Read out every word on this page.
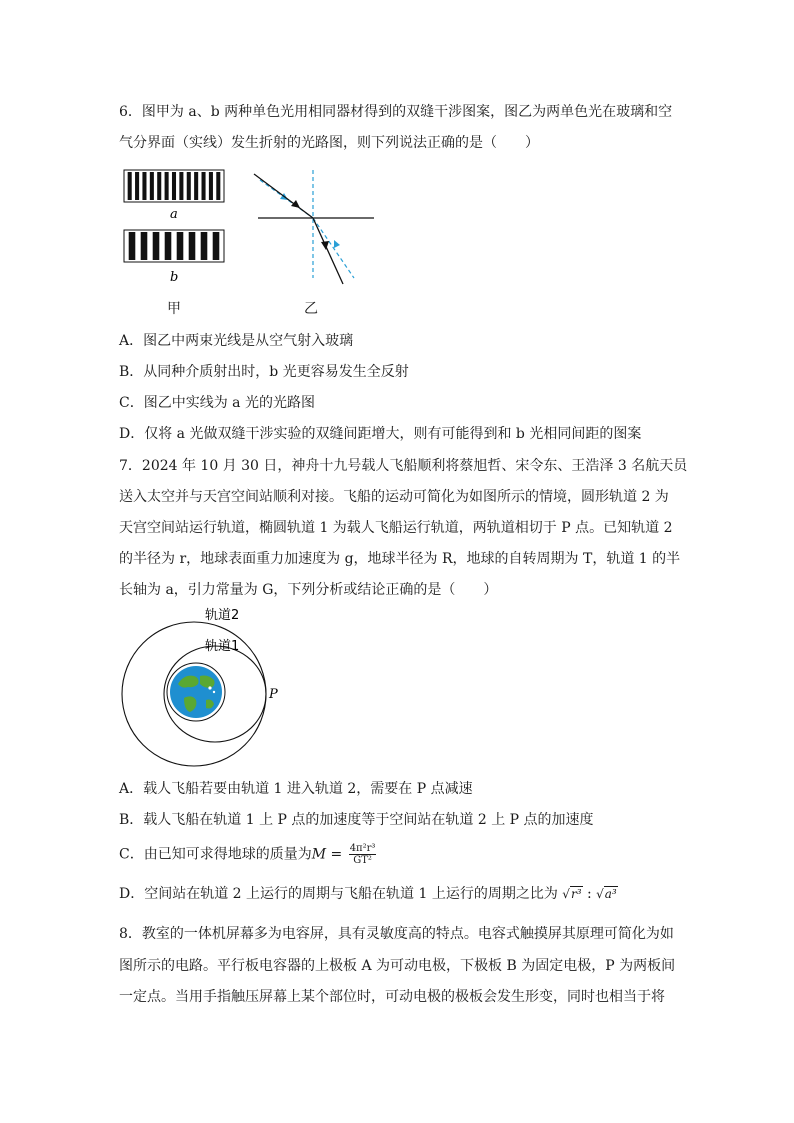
6．图甲为 a、b 两种单色光用相同器材得到的双缝干涉图案，图乙为两单色光在玻璃和空
气分界面（实线）发生折射的光路图，则下列说法正确的是（　　）
a
b
甲	乙
A．图乙中两束光线是从空气射入玻璃
B．从同种介质射出时，b 光更容易发生全反射
C．图乙中实线为 a 光的光路图
D．仅将 a 光做双缝干涉实验的双缝间距增大，则有可能得到和 b 光相同间距的图案
7．2024 年 10 月 30 日，神舟十九号载人飞船顺利将蔡旭哲、宋令东、王浩泽 3 名航天员
送入太空并与天宫空间站顺利对接。飞船的运动可简化为如图所示的情境，圆形轨道 2 为
天宫空间站运行轨道，椭圆轨道 1 为载人飞船运行轨道，两轨道相切于 P 点。已知轨道 2
的半径为 r，地球表面重力加速度为 g，地球半径为 R，地球的自转周期为 T，轨道 1 的半
长轴为 a，引力常量为 G，下列分析或结论正确的是（　　）
轨道2
轨道1
P
A．载人飞船若要由轨道 1 进入轨道 2，需要在 P 点减速
B．载人飞船在轨道 1 上 P 点的加速度等于空间站在轨道 2 上 P 点的加速度
C．由已知可求得地球的质量为$M = \frac{\text{4π²r³}}{\text{GT²}}$
D．空间站在轨道 2 上运行的周期与飞船在轨道 1 上运行的周期之比为 √r³ : √a³
8．教室的一体机屏幕多为电容屏，具有灵敏度高的特点。电容式触摸屏其原理可简化为如
图所示的电路。平行板电容器的上极板 A 为可动电极，下极板 B 为固定电极，P 为两板间
一定点。当用手指触压屏幕上某个部位时，可动电极的极板会发生形变，同时也相当于将
